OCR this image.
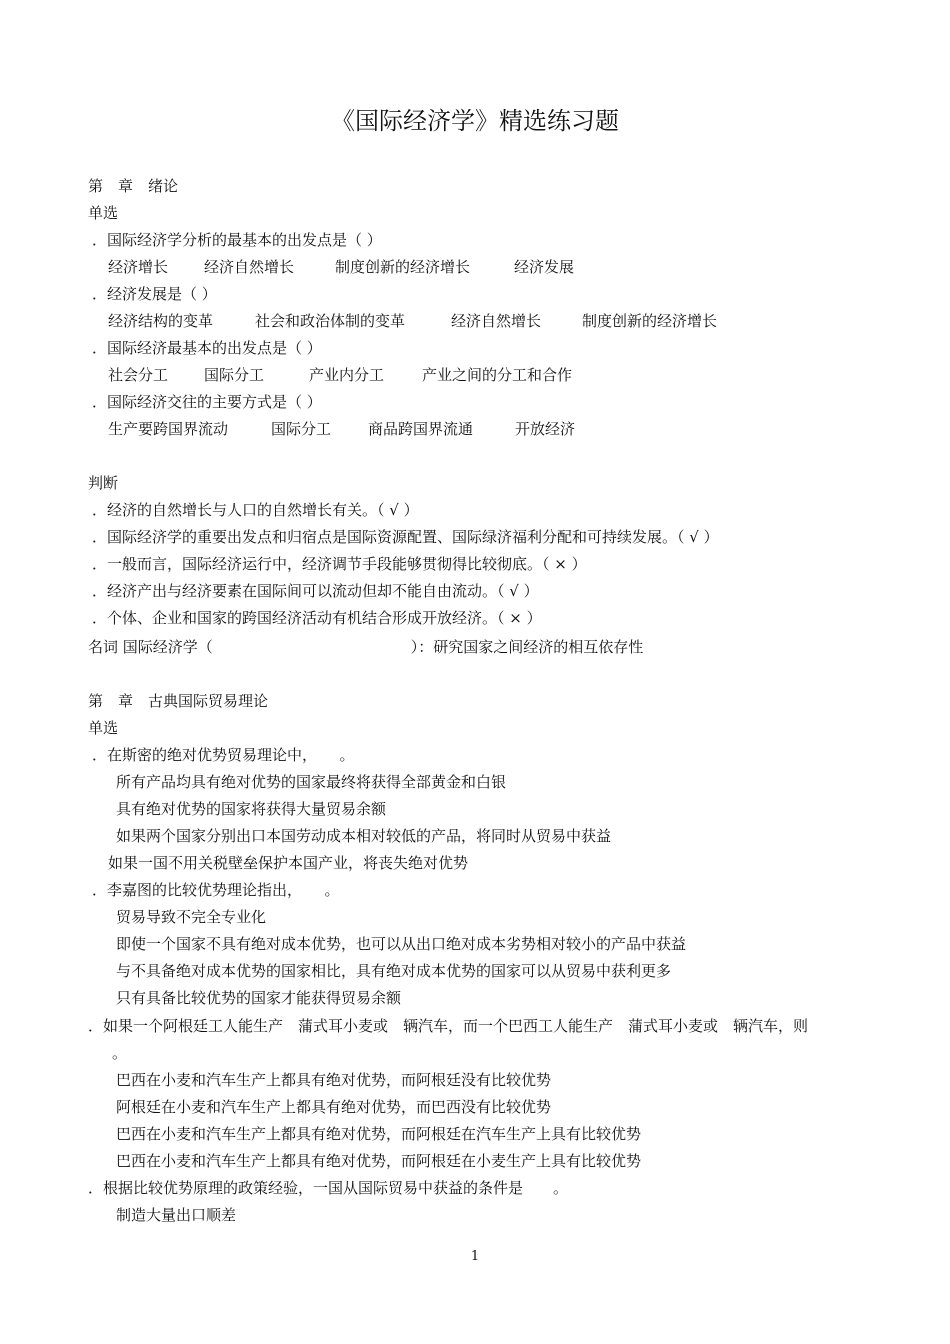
《国际经济学》精选练习题
第　章　绪论
单选
．国际经济学分析的最基本的出发点是（ ）
经济增长 经济自然增长	制度创新的经济增长	经济发展
．经济发展是（ ）
经济结构的变革	社会和政治体制的变革	经济自然增长	制度创新的经济增长
．国际经济最基本的出发点是（ ）
社会分工 国际分工	产业内分工	产业之间的分工和合作
．国际经济交往的主要方式是（ ）
生产要跨国界流动	国际分工 商品跨国界流通	开放经济
判断
．经济的自然增长与人口的自然增长有关。（ √ ）
．国际经济学的重要出发点和归宿点是国际资源配置、国际绿济福利分配和可持续发展。（ √ ）
．一般而言，国际经济运行中，经济调节手段能够贯彻得比较彻底。（ × ）
．经济产出与经济要素在国际间可以流动但却不能自由流动。（ √ ）
．个体、企业和国家的跨国经济活动有机结合形成开放经济。（ × ）
名词 国际经济学（	）：研究国家之间经济的相互依存性
第　章　古典国际贸易理论
单选
．在斯密的绝对优势贸易理论中，　　。
所有产品均具有绝对优势的国家最终将获得全部黄金和白银
具有绝对优势的国家将获得大量贸易余额
如果两个国家分别出口本国劳动成本相对较低的产品，将同时从贸易中获益
如果一国不用关税壁垒保护本国产业，将丧失绝对优势
．李嘉图的比较优势理论指出，　　。
贸易导致不完全专业化
即使一个国家不具有绝对成本优势，也可以从出口绝对成本劣势相对较小的产品中获益
与不具备绝对成本优势的国家相比，具有绝对成本优势的国家可以从贸易中获利更多
只有具备比较优势的国家才能获得贸易余额
．如果一个阿根廷工人能生产　蒲式耳小麦或　辆汽车，而一个巴西工人能生产　蒲式耳小麦或　辆汽车，则
。
巴西在小麦和汽车生产上都具有绝对优势，而阿根廷没有比较优势
阿根廷在小麦和汽车生产上都具有绝对优势，而巴西没有比较优势
巴西在小麦和汽车生产上都具有绝对优势，而阿根廷在汽车生产上具有比较优势
巴西在小麦和汽车生产上都具有绝对优势，而阿根廷在小麦生产上具有比较优势
．根据比较优势原理的政策经验，一国从国际贸易中获益的条件是　　。
制造大量出口顺差
1
